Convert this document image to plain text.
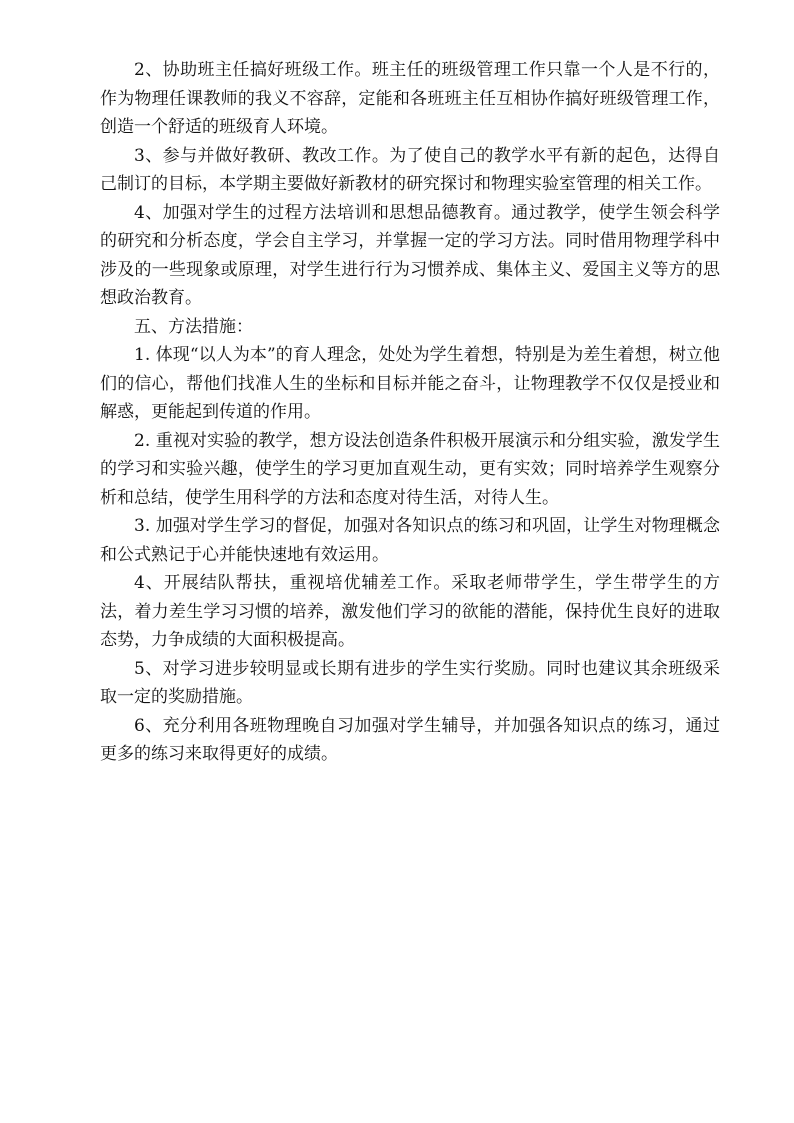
2、协助班主任搞好班级工作。班主任的班级管理工作只靠一个人是不行的，作为物理任课教师的我义不容辞，定能和各班班主任互相协作搞好班级管理工作，创造一个舒适的班级育人环境。

3、参与并做好教研、教改工作。为了使自己的教学水平有新的起色，达得自己制订的目标，本学期主要做好新教材的研究探讨和物理实验室管理的相关工作。

4、加强对学生的过程方法培训和思想品德教育。通过教学，使学生领会科学的研究和分析态度，学会自主学习，并掌握一定的学习方法。同时借用物理学科中涉及的一些现象或原理，对学生进行行为习惯养成、集体主义、爱国主义等方的思想政治教育。

五、方法措施：

1. 体现“以人为本”的育人理念，处处为学生着想，特别是为差生着想，树立他们的信心，帮他们找准人生的坐标和目标并能之奋斗，让物理教学不仅仅是授业和解惑，更能起到传道的作用。

2. 重视对实验的教学，想方设法创造条件积极开展演示和分组实验，激发学生的学习和实验兴趣，使学生的学习更加直观生动，更有实效；同时培养学生观察分析和总结，使学生用科学的方法和态度对待生活，对待人生。

3. 加强对学生学习的督促，加强对各知识点的练习和巩固，让学生对物理概念和公式熟记于心并能快速地有效运用。

4、开展结队帮扶，重视培优辅差工作。采取老师带学生，学生带学生的方法，着力差生学习习惯的培养，激发他们学习的欲能的潜能，保持优生良好的进取态势，力争成绩的大面积极提高。

5、对学习进步较明显或长期有进步的学生实行奖励。同时也建议其余班级采取一定的奖励措施。

6、充分利用各班物理晚自习加强对学生辅导，并加强各知识点的练习，通过更多的练习来取得更好的成绩。
